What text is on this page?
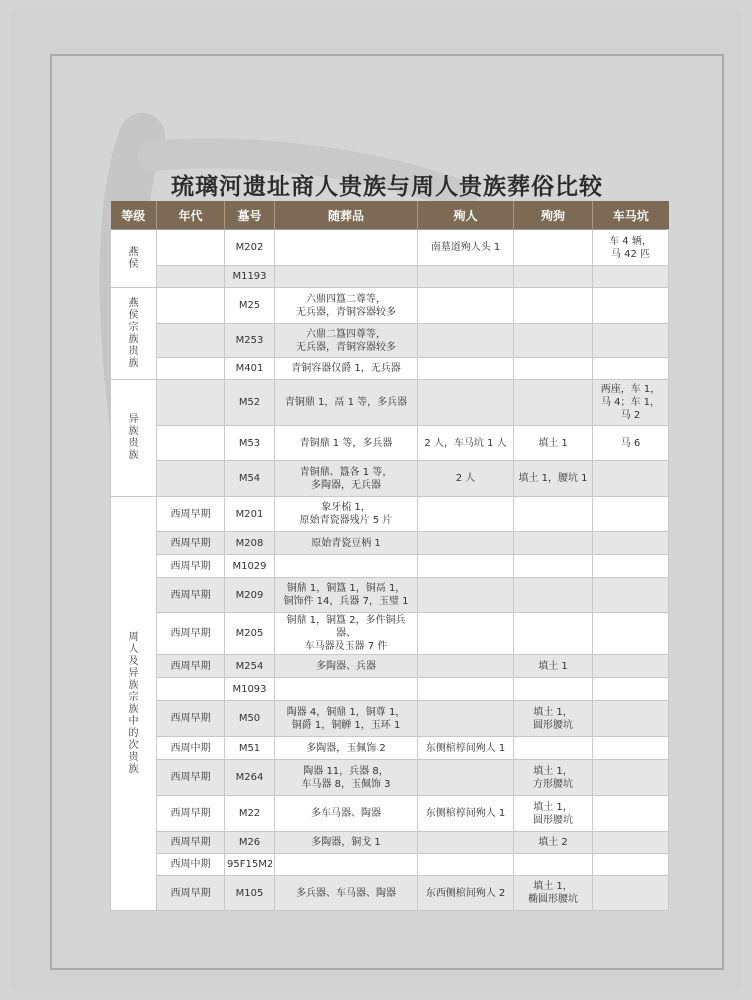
琉璃河遗址商人贵族与周人贵族葬俗比较
等级	年代	墓号	随葬品	殉人	殉狗	车马坑
燕侯		M202		南墓道殉人头 1		车 4 辆，
马 42 匹
		M1193				
燕侯宗族贵族		M25	六鼎四簋二尊等，
无兵器，青铜容器较多			
		M253	六鼎二簋四尊等，
无兵器，青铜容器较多			
		M401	青铜容器仅爵 1，无兵器			
异族贵族		M52	青铜鼎 1，鬲 1 等，多兵器			两座，车 1，
马 4；车 1，
马 2
		M53	青铜鼎 1 等，多兵器	2 人，车马坑 1 人	填土 1	马 6
		M54	青铜鼎、簋各 1 等，
多陶器，无兵器	2 人	填土 1，腰坑 1	
周人及异族宗族中的次贵族	西周早期	M201	象牙梳 1，
原始青瓷器残片 5 片			
	西周早期	M208	原始青瓷豆柄 1			
	西周早期	M1029				
	西周早期	M209	铜鼎 1，铜簋 1，铜鬲 1，
铜饰件 14，兵器 7，玉璧 1			
	西周早期	M205	铜鼎 1，铜簋 2，多件铜兵器、
车马器及玉器 7 件			
	西周早期	M254	多陶器、兵器		填土 1	
		M1093				
	西周早期	M50	陶器 4，铜鼎 1，铜尊 1，
铜爵 1，铜觯 1，玉环 1		填土 1，
圆形腰坑	
	西周中期	M51	多陶器，玉佩饰 2	东侧棺椁间殉人 1		
	西周早期	M264	陶器 11，兵器 8，
车马器 8，玉佩饰 3		填土 1，
方形腰坑	
	西周早期	M22	多车马器、陶器	东侧棺椁间殉人 1	填土 1，
圆形腰坑	
	西周早期	M26	多陶器，铜戈 1		填土 2	
	西周中期	95F15M2				
	西周早期	M105	多兵器、车马器、陶器	东西侧棺间殉人 2	填土 1，
椭圆形腰坑	
